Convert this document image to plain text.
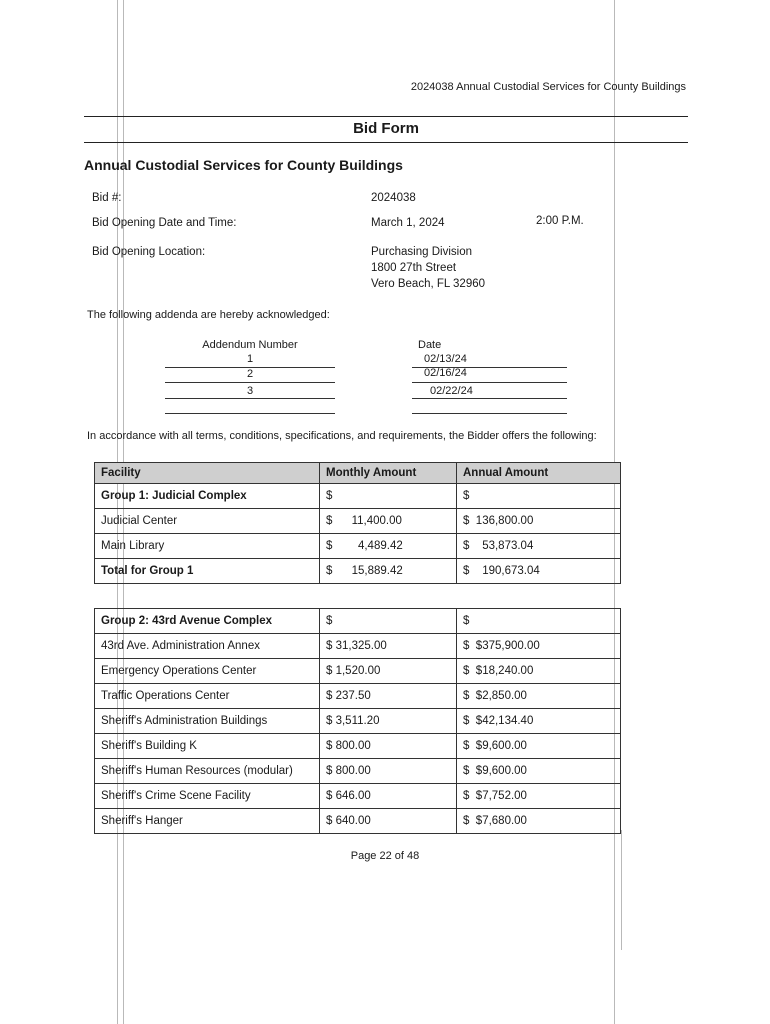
2024038 Annual Custodial Services for County Buildings
Bid Form
Annual Custodial Services for County Buildings
Bid #:	2024038
Bid Opening Date and Time:	March 1, 2024	2:00 P.M.
Bid Opening Location:	Purchasing Division
1800 27th Street
Vero Beach, FL 32960
The following addenda are hereby acknowledged:
Addendum Number	Date
1	02/13/24
2	02/16/24
3	02/22/24
In accordance with all terms, conditions, specifications, and requirements, the Bidder offers the following:
Facility	Monthly Amount	Annual Amount
Group 1: Judicial Complex	$	$
Judicial Center	$ 11,400.00	$ 136,800.00
Main Library	$ 4,489.42	$ 53,873.04
Total for Group 1	$ 15,889.42	$ 190,673.04
Group 2: 43rd Avenue Complex	$	$
43rd Ave. Administration Annex	$ 31,325.00	$ $375,900.00
Emergency Operations Center	$ 1,520.00	$ $18,240.00
Traffic Operations Center	$ 237.50	$ $2,850.00
Sheriff's Administration Buildings	$ 3,511.20	$ $42,134.40
Sheriff's Building K	$ 800.00	$ $9,600.00
Sheriff's Human Resources (modular)	$ 800.00	$ $9,600.00
Sheriff's Crime Scene Facility	$ 646.00	$ $7,752.00
Sheriff's Hanger	$ 640.00	$ $7,680.00
Page 22 of 48
